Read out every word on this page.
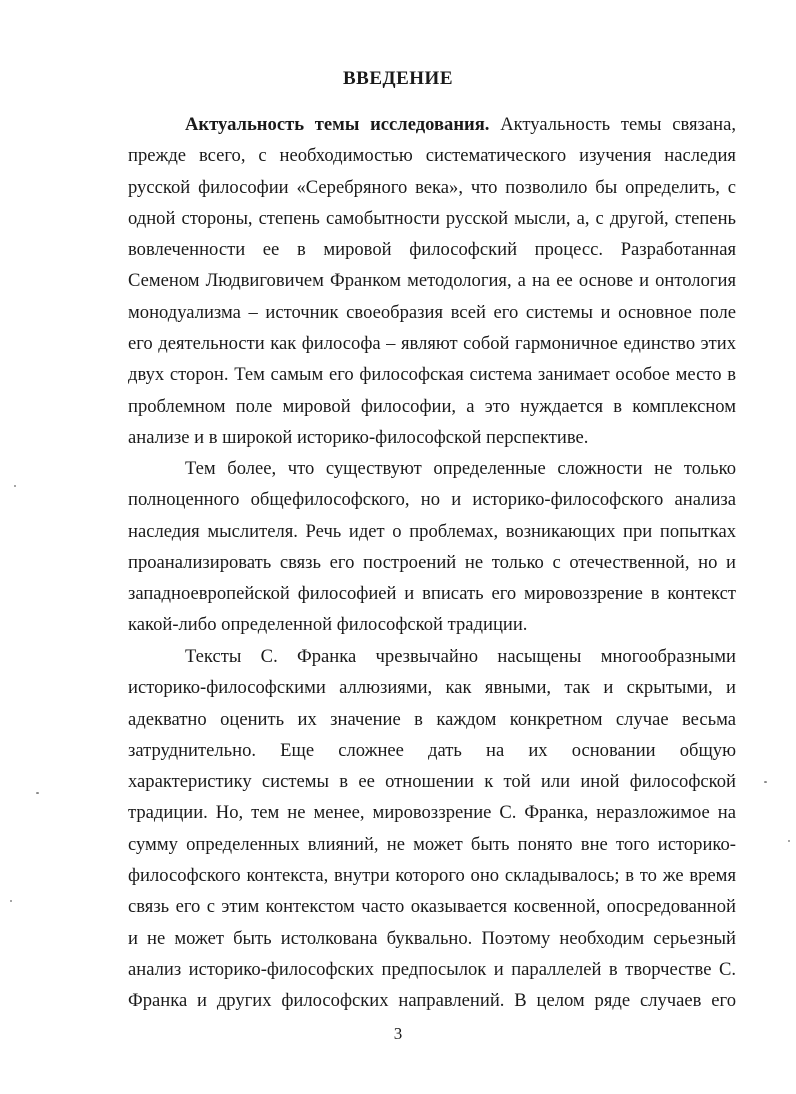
ВВЕДЕНИЕ
Актуальность темы исследования. Актуальность темы связана,
прежде всего, с необходимостью систематического изучения наследия
русской философии «Серебряного века», что позволило бы определить, с
одной стороны, степень самобытности русской мысли, а, с другой, степень
вовлеченности ее в мировой философский процесс. Разработанная
Семеном Людвиговичем Франком методология, а на ее основе и онтология
монодуализма – источник своеобразия всей его системы и основное поле
его деятельности как философа – являют собой гармоничное единство этих
двух сторон. Тем самым его философская система занимает особое место в
проблемном поле мировой философии, а это нуждается в комплексном
анализе и в широкой историко-философской перспективе.
Тем более, что существуют определенные сложности не только
полноценного общефилософского, но и историко-философского анализа
наследия мыслителя. Речь идет о проблемах, возникающих при попытках
проанализировать связь его построений не только с отечественной, но и
западноевропейской философией и вписать его мировоззрение в контекст
какой-либо определенной философской традиции.
Тексты С. Франка чрезвычайно насыщены многообразными
историко-философскими аллюзиями, как явными, так и скрытыми, и
адекватно оценить их значение в каждом конкретном случае весьма
затруднительно. Еще сложнее дать на их основании общую
характеристику системы в ее отношении к той или иной философской
традиции. Но, тем не менее, мировоззрение С. Франка, неразложимое на
сумму определенных влияний, не может быть понято вне того историко-
философского контекста, внутри которого оно складывалось; в то же время
связь его с этим контекстом часто оказывается косвенной, опосредованной
и не может быть истолкована буквально. Поэтому необходим серьезный
анализ историко-философских предпосылок и параллелей в творчестве С.
Франка и других философских направлений. В целом ряде случаев его
3
